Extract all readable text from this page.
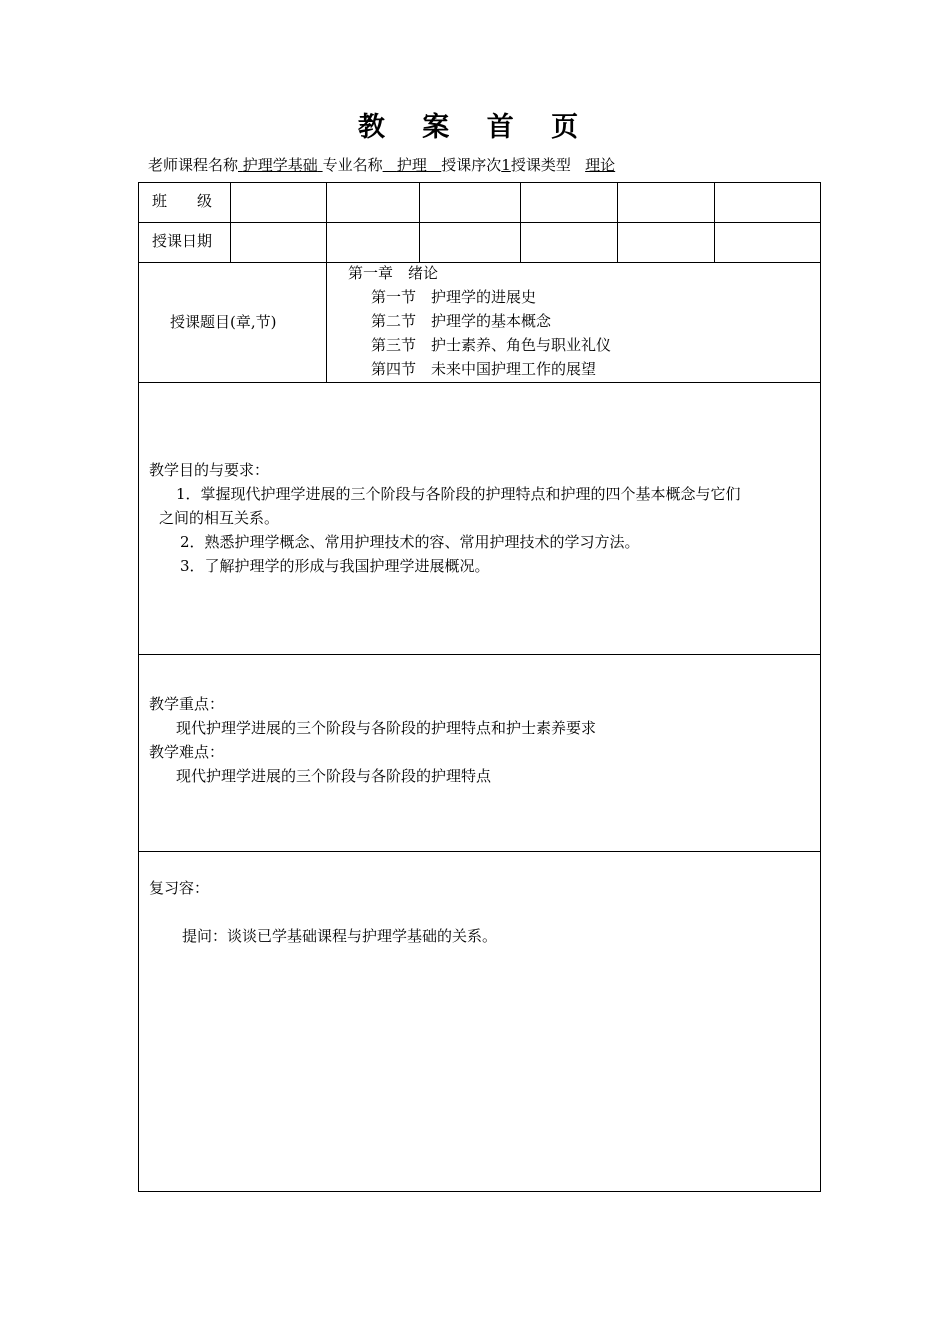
教 案 首 页
老师课程名称 护理学基础 专业名称 护理 授课序次1授课类型 理论
班　　级
授课日期
授课题目(章,节)
第一章　绪论
第一节　护理学的进展史
第二节　护理学的基本概念
第三节　护士素养、角色与职业礼仪
第四节　未来中国护理工作的展望
教学目的与要求：
1．掌握现代护理学进展的三个阶段与各阶段的护理特点和护理的四个基本概念与它们
之间的相互关系。
2．熟悉护理学概念、常用护理技术的容、常用护理技术的学习方法。
3．了解护理学的形成与我国护理学进展概况。
教学重点：
现代护理学进展的三个阶段与各阶段的护理特点和护士素养要求
教学难点：
现代护理学进展的三个阶段与各阶段的护理特点
复习容：
提问：谈谈已学基础课程与护理学基础的关系。
